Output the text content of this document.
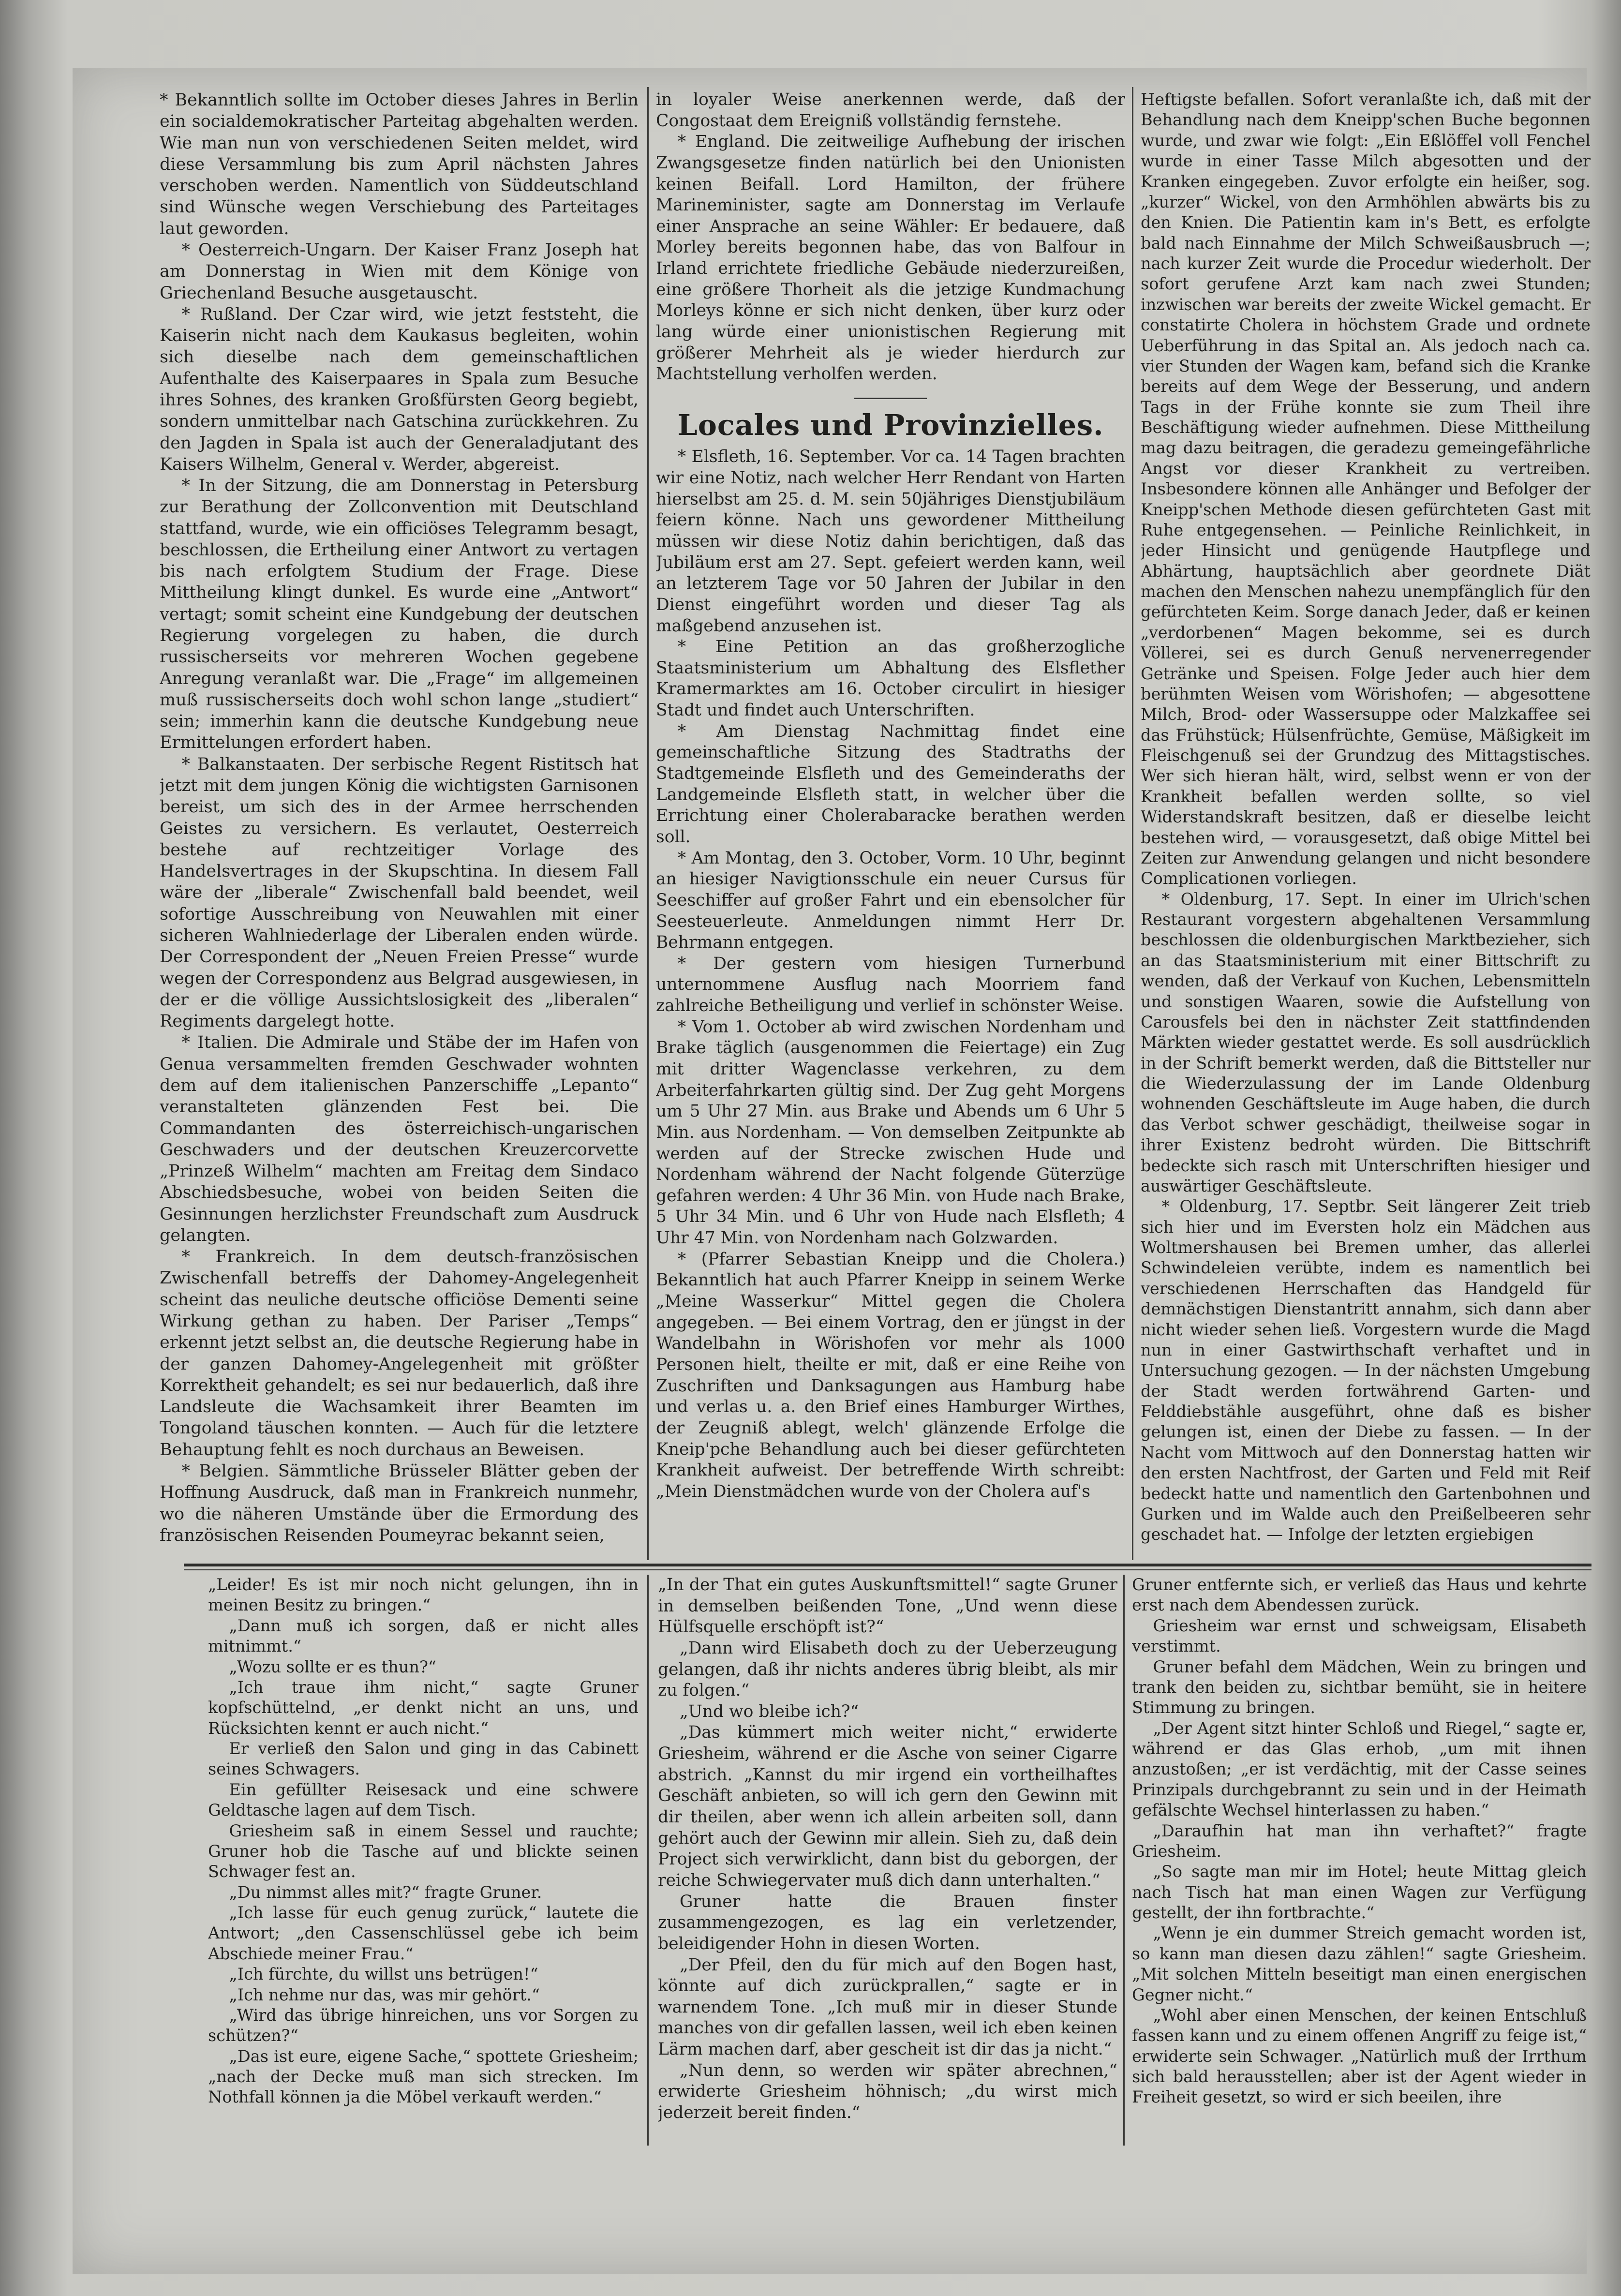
* Bekanntlich sollte im October dieses Jahres in Berlin ein socialdemokratischer Parteitag abgehalten werden. Wie man nun von verschiedenen Seiten meldet, wird diese Versammlung bis zum April nächsten Jahres verschoben werden. Namentlich von Süddeutschland sind Wünsche wegen Verschiebung des Parteitages laut geworden.

* Oesterreich-Ungarn. Der Kaiser Franz Joseph hat am Donnerstag in Wien mit dem Könige von Griechenland Besuche ausgetauscht.

* Rußland. Der Czar wird, wie jetzt feststeht, die Kaiserin nicht nach dem Kaukasus begleiten, wohin sich dieselbe nach dem gemeinschaftlichen Aufenthalte des Kaiserpaares in Spala zum Besuche ihres Sohnes, des kranken Großfürsten Georg begiebt, sondern unmittelbar nach Gatschina zurückkehren. Zu den Jagden in Spala ist auch der Generaladjutant des Kaisers Wilhelm, General v. Werder, abgereist.

* In der Sitzung, die am Donnerstag in Petersburg zur Berathung der Zollconvention mit Deutschland stattfand, wurde, wie ein officiöses Telegramm besagt, beschlossen, die Ertheilung einer Antwort zu vertagen bis nach erfolgtem Studium der Frage. Diese Mittheilung klingt dunkel. Es wurde eine „Antwort“ vertagt; somit scheint eine Kundgebung der deutschen Regierung vorgelegen zu haben, die durch russischerseits vor mehreren Wochen gegebene Anregung veranlaßt war. Die „Frage“ im allgemeinen muß russischerseits doch wohl schon lange „studiert“ sein; immerhin kann die deutsche Kundgebung neue Ermittelungen erfordert haben.

* Balkanstaaten. Der serbische Regent Ristitsch hat jetzt mit dem jungen König die wichtigsten Garnisonen bereist, um sich des in der Armee herrschenden Geistes zu versichern. Es verlautet, Oesterreich bestehe auf rechtzeitiger Vorlage des Handelsvertrages in der Skupschtina. In diesem Fall wäre der „liberale“ Zwischenfall bald beendet, weil sofortige Ausschreibung von Neuwahlen mit einer sicheren Wahlniederlage der Liberalen enden würde. Der Correspondent der „Neuen Freien Presse“ wurde wegen der Correspondenz aus Belgrad ausgewiesen, in der er die völlige Aussichtslosigkeit des „liberalen“ Regiments dargelegt hotte.

* Italien. Die Admirale und Stäbe der im Hafen von Genua versammelten fremden Geschwader wohnten dem auf dem italienischen Panzerschiffe „Lepanto“ veranstalteten glänzenden Fest bei. Die Commandanten des österreichisch-ungarischen Geschwaders und der deutschen Kreuzercorvette „Prinzeß Wilhelm“ machten am Freitag dem Sindaco Abschiedsbesuche, wobei von beiden Seiten die Gesinnungen herzlichster Freundschaft zum Ausdruck gelangten.

* Frankreich. In dem deutsch-französischen Zwischenfall betreffs der Dahomey-Angelegenheit scheint das neuliche deutsche officiöse Dementi seine Wirkung gethan zu haben. Der Pariser „Temps“ erkennt jetzt selbst an, die deutsche Regierung habe in der ganzen Dahomey-Angelegenheit mit größter Korrektheit gehandelt; es sei nur bedauerlich, daß ihre Landsleute die Wachsamkeit ihrer Beamten im Tongoland täuschen konnten. — Auch für die letztere Behauptung fehlt es noch durchaus an Beweisen.

* Belgien. Sämmtliche Brüsseler Blätter geben der Hoffnung Ausdruck, daß man in Frankreich nunmehr, wo die näheren Umstände über die Ermordung des französischen Reisenden Poumeyrac bekannt seien,

in loyaler Weise anerkennen werde, daß der Congostaat dem Ereigniß vollständig fernstehe.

* England. Die zeitweilige Aufhebung der irischen Zwangsgesetze finden natürlich bei den Unionisten keinen Beifall. Lord Hamilton, der frühere Marineminister, sagte am Donnerstag im Verlaufe einer Ansprache an seine Wähler: Er bedauere, daß Morley bereits begonnen habe, das von Balfour in Irland errichtete friedliche Gebäude niederzureißen, eine größere Thorheit als die jetzige Kundmachung Morleys könne er sich nicht denken, über kurz oder lang würde einer unionistischen Regierung mit größerer Mehrheit als je wieder hierdurch zur Machtstellung verholfen werden.

Locales und Provinzielles.

* Elsfleth, 16. September. Vor ca. 14 Tagen brachten wir eine Notiz, nach welcher Herr Rendant von Harten hierselbst am 25. d. M. sein 50jähriges Dienstjubiläum feiern könne. Nach uns gewordener Mittheilung müssen wir diese Notiz dahin berichtigen, daß das Jubiläum erst am 27. Sept. gefeiert werden kann, weil an letzterem Tage vor 50 Jahren der Jubilar in den Dienst eingeführt worden und dieser Tag als maßgebend anzusehen ist.

* Eine Petition an das großherzogliche Staatsministerium um Abhaltung des Elsflether Kramermarktes am 16. October circulirt in hiesiger Stadt und findet auch Unterschriften.

* Am Dienstag Nachmittag findet eine gemeinschaftliche Sitzung des Stadtraths der Stadtgemeinde Elsfleth und des Gemeinderaths der Landgemeinde Elsfleth statt, in welcher über die Errichtung einer Cholerabaracke berathen werden soll.

* Am Montag, den 3. October, Vorm. 10 Uhr, beginnt an hiesiger Navigtionsschule ein neuer Cursus für Seeschiffer auf großer Fahrt und ein ebensolcher für Seesteuerleute. Anmeldungen nimmt Herr Dr. Behrmann entgegen.

* Der gestern vom hiesigen Turnerbund unternommene Ausflug nach Moorriem fand zahlreiche Betheiligung und verlief in schönster Weise.

* Vom 1. October ab wird zwischen Nordenham und Brake täglich (ausgenommen die Feiertage) ein Zug mit dritter Wagenclasse verkehren, zu dem Arbeiterfahrkarten gültig sind. Der Zug geht Morgens um 5 Uhr 27 Min. aus Brake und Abends um 6 Uhr 5 Min. aus Nordenham. — Von demselben Zeitpunkte ab werden auf der Strecke zwischen Hude und Nordenham während der Nacht folgende Güterzüge gefahren werden: 4 Uhr 36 Min. von Hude nach Brake, 5 Uhr 34 Min. und 6 Uhr von Hude nach Elsfleth; 4 Uhr 47 Min. von Nordenham nach Golzwarden.

* (Pfarrer Sebastian Kneipp und die Cholera.) Bekanntlich hat auch Pfarrer Kneipp in seinem Werke „Meine Wasserkur“ Mittel gegen die Cholera angegeben. — Bei einem Vortrag, den er jüngst in der Wandelbahn in Wörishofen vor mehr als 1000 Personen hielt, theilte er mit, daß er eine Reihe von Zuschriften und Danksagungen aus Hamburg habe und verlas u. a. den Brief eines Hamburger Wirthes, der Zeugniß ablegt, welch' glänzende Erfolge die Kneip'pche Behandlung auch bei dieser gefürchteten Krankheit aufweist. Der betreffende Wirth schreibt: „Mein Dienstmädchen wurde von der Cholera auf's

Heftigste befallen. Sofort veranlaßte ich, daß mit der Behandlung nach dem Kneipp'schen Buche begonnen wurde, und zwar wie folgt: „Ein Eßlöffel voll Fenchel wurde in einer Tasse Milch abgesotten und der Kranken eingegeben. Zuvor erfolgte ein heißer, sog. „kurzer“ Wickel, von den Armhöhlen abwärts bis zu den Knien. Die Patientin kam in's Bett, es erfolgte bald nach Einnahme der Milch Schweißausbruch —; nach kurzer Zeit wurde die Procedur wiederholt. Der sofort gerufene Arzt kam nach zwei Stunden; inzwischen war bereits der zweite Wickel gemacht. Er constatirte Cholera in höchstem Grade und ordnete Ueberführung in das Spital an. Als jedoch nach ca. vier Stunden der Wagen kam, befand sich die Kranke bereits auf dem Wege der Besserung, und andern Tags in der Frühe konnte sie zum Theil ihre Beschäftigung wieder aufnehmen. Diese Mittheilung mag dazu beitragen, die geradezu gemeingefährliche Angst vor dieser Krankheit zu vertreiben. Insbesondere können alle Anhänger und Befolger der Kneipp'schen Methode diesen gefürchteten Gast mit Ruhe entgegensehen. — Peinliche Reinlichkeit, in jeder Hinsicht und genügende Hautpflege und Abhärtung, hauptsächlich aber geordnete Diät machen den Menschen nahezu unempfänglich für den gefürchteten Keim. Sorge danach Jeder, daß er keinen „verdorbenen“ Magen bekomme, sei es durch Völlerei, sei es durch Genuß nervenerregender Getränke und Speisen. Folge Jeder auch hier dem berühmten Weisen vom Wörishofen; — abgesottene Milch, Brod- oder Wassersuppe oder Malzkaffee sei das Frühstück; Hülsenfrüchte, Gemüse, Mäßigkeit im Fleischgenuß sei der Grundzug des Mittagstisches. Wer sich hieran hält, wird, selbst wenn er von der Krankheit befallen werden sollte, so viel Widerstandskraft besitzen, daß er dieselbe leicht bestehen wird, — vorausgesetzt, daß obige Mittel bei Zeiten zur Anwendung gelangen und nicht besondere Complicationen vorliegen.

* Oldenburg, 17. Sept. In einer im Ulrich'schen Restaurant vorgestern abgehaltenen Versammlung beschlossen die oldenburgischen Marktbezieher, sich an das Staatsministerium mit einer Bittschrift zu wenden, daß der Verkauf von Kuchen, Lebensmitteln und sonstigen Waaren, sowie die Aufstellung von Carousfels bei den in nächster Zeit stattfindenden Märkten wieder gestattet werde. Es soll ausdrücklich in der Schrift bemerkt werden, daß die Bittsteller nur die Wiederzulassung der im Lande Oldenburg wohnenden Geschäftsleute im Auge haben, die durch das Verbot schwer geschädigt, theilweise sogar in ihrer Existenz bedroht würden. Die Bittschrift bedeckte sich rasch mit Unterschriften hiesiger und auswärtiger Geschäftsleute.

* Oldenburg, 17. Septbr. Seit längerer Zeit trieb sich hier und im Eversten holz ein Mädchen aus Woltmershausen bei Bremen umher, das allerlei Schwindeleien verübte, indem es namentlich bei verschiedenen Herrschaften das Handgeld für demnächstigen Dienstantritt annahm, sich dann aber nicht wieder sehen ließ. Vorgestern wurde die Magd nun in einer Gastwirthschaft verhaftet und in Untersuchung gezogen. — In der nächsten Umgebung der Stadt werden fortwährend Garten- und Felddiebstähle ausgeführt, ohne daß es bisher gelungen ist, einen der Diebe zu fassen. — In der Nacht vom Mittwoch auf den Donnerstag hatten wir den ersten Nachtfrost, der Garten und Feld mit Reif bedeckt hatte und namentlich den Gartenbohnen und Gurken und im Walde auch den Preißelbeeren sehr geschadet hat. — Infolge der letzten ergiebigen

„Leider! Es ist mir noch nicht gelungen, ihn in meinen Besitz zu bringen.“

„Dann muß ich sorgen, daß er nicht alles mitnimmt.“

„Wozu sollte er es thun?“

„Ich traue ihm nicht,“ sagte Gruner kopfschüttelnd, „er denkt nicht an uns, und Rücksichten kennt er auch nicht.“

Er verließ den Salon und ging in das Cabinett seines Schwagers.

Ein gefüllter Reisesack und eine schwere Geldtasche lagen auf dem Tisch.

Griesheim saß in einem Sessel und rauchte; Gruner hob die Tasche auf und blickte seinen Schwager fest an.

„Du nimmst alles mit?“ fragte Gruner.

„Ich lasse für euch genug zurück,“ lautete die Antwort; „den Cassenschlüssel gebe ich beim Abschiede meiner Frau.“

„Ich fürchte, du willst uns betrügen!“

„Ich nehme nur das, was mir gehört.“

„Wird das übrige hinreichen, uns vor Sorgen zu schützen?“

„Das ist eure, eigene Sache,“ spottete Griesheim; „nach der Decke muß man sich strecken. Im Nothfall können ja die Möbel verkauft werden.“

„In der That ein gutes Auskunftsmittel!“ sagte Gruner in demselben beißenden Tone, „Und wenn diese Hülfsquelle erschöpft ist?“

„Dann wird Elisabeth doch zu der Ueberzeugung gelangen, daß ihr nichts anderes übrig bleibt, als mir zu folgen.“

„Und wo bleibe ich?“

„Das kümmert mich weiter nicht,“ erwiderte Griesheim, während er die Asche von seiner Cigarre abstrich. „Kannst du mir irgend ein vortheilhaftes Geschäft anbieten, so will ich gern den Gewinn mit dir theilen, aber wenn ich allein arbeiten soll, dann gehört auch der Gewinn mir allein. Sieh zu, daß dein Project sich verwirklicht, dann bist du geborgen, der reiche Schwiegervater muß dich dann unterhalten.“

Gruner hatte die Brauen finster zusammengezogen, es lag ein verletzender, beleidigender Hohn in diesen Worten.

„Der Pfeil, den du für mich auf den Bogen hast, könnte auf dich zurückprallen,“ sagte er in warnendem Tone. „Ich muß mir in dieser Stunde manches von dir gefallen lassen, weil ich eben keinen Lärm machen darf, aber gescheit ist dir das ja nicht.“

„Nun denn, so werden wir später abrechnen,“ erwiderte Griesheim höhnisch; „du wirst mich jederzeit bereit finden.“

Gruner entfernte sich, er verließ das Haus und kehrte erst nach dem Abendessen zurück.

Griesheim war ernst und schweigsam, Elisabeth verstimmt.

Gruner befahl dem Mädchen, Wein zu bringen und trank den beiden zu, sichtbar bemüht, sie in heitere Stimmung zu bringen.

„Der Agent sitzt hinter Schloß und Riegel,“ sagte er, während er das Glas erhob, „um mit ihnen anzustoßen; „er ist verdächtig, mit der Casse seines Prinzipals durchgebrannt zu sein und in der Heimath gefälschte Wechsel hinterlassen zu haben.“

„Daraufhin hat man ihn verhaftet?“ fragte Griesheim.

„So sagte man mir im Hotel; heute Mittag gleich nach Tisch hat man einen Wagen zur Verfügung gestellt, der ihn fortbrachte.“

„Wenn je ein dummer Streich gemacht worden ist, so kann man diesen dazu zählen!“ sagte Griesheim. „Mit solchen Mitteln beseitigt man einen energischen Gegner nicht.“

„Wohl aber einen Menschen, der keinen Entschluß fassen kann und zu einem offenen Angriff zu feige ist,“ erwiderte sein Schwager. „Natürlich muß der Irrthum sich bald herausstellen; aber ist der Agent wieder in Freiheit gesetzt, so wird er sich beeilen, ihre
